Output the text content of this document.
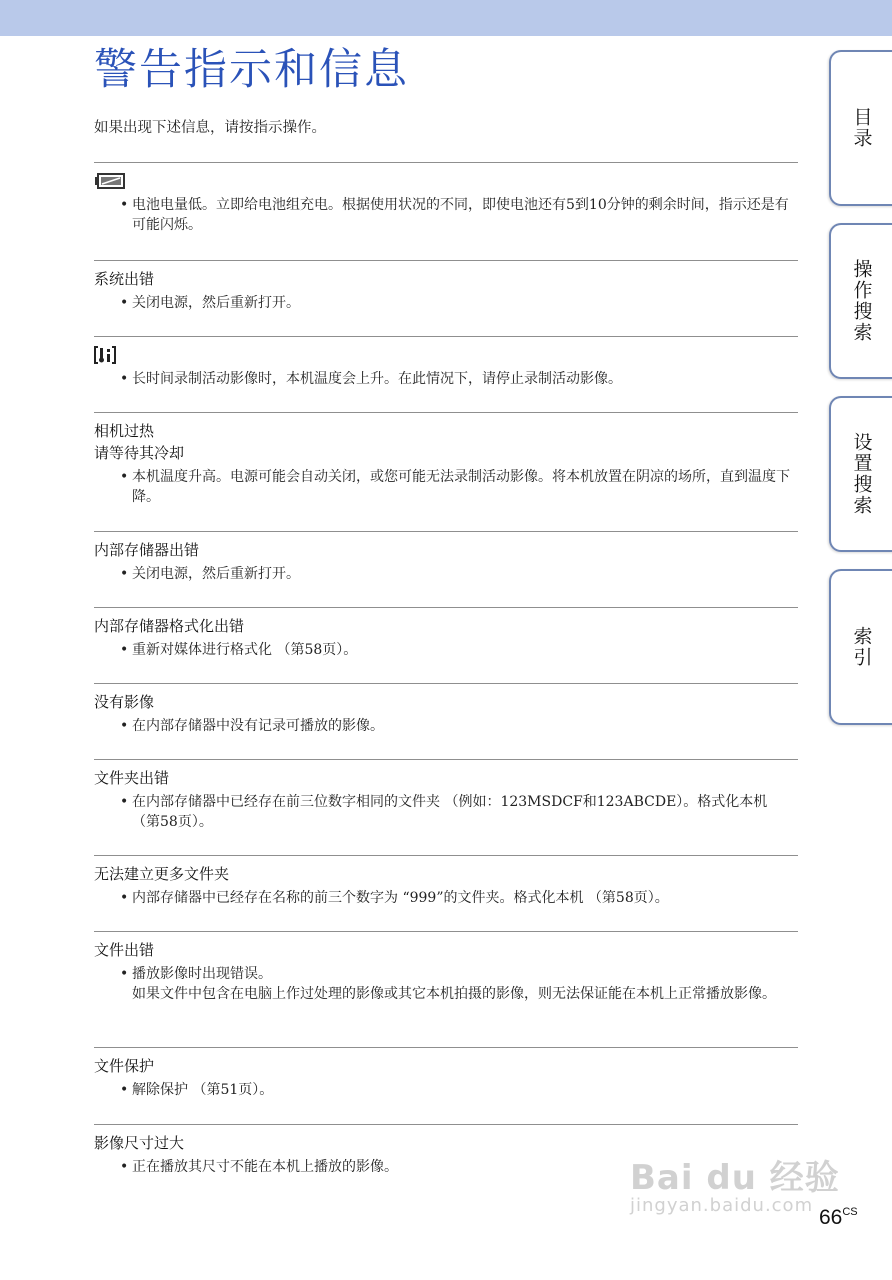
警告指示和信息
如果出现下述信息，请按指示操作。
• 电池电量低。立即给电池组充电。根据使用状况的不同，即使电池还有5到10分钟的剩余时间，指示还是有可能闪烁。
系统出错
• 关闭电源，然后重新打开。
• 长时间录制活动影像时，本机温度会上升。在此情况下，请停止录制活动影像。
相机过热
请等待其冷却
• 本机温度升高。电源可能会自动关闭，或您可能无法录制活动影像。将本机放置在阴凉的场所，直到温度下降。
内部存储器出错
• 关闭电源，然后重新打开。
内部存储器格式化出错
• 重新对媒体进行格式化 （第58页）。
没有影像
• 在内部存储器中没有记录可播放的影像。
文件夹出错
• 在内部存储器中已经存在前三位数字相同的文件夹 （例如：123MSDCF和123ABCDE）。格式化本机 （第58页）。
无法建立更多文件夹
• 内部存储器中已经存在名称的前三个数字为 “999”的文件夹。格式化本机 （第58页）。
文件出错
• 播放影像时出现错误。
如果文件中包含在电脑上作过处理的影像或其它本机拍摄的影像，则无法保证能在本机上正常播放影像。
文件保护
• 解除保护 （第51页）。
影像尺寸过大
• 正在播放其尺寸不能在本机上播放的影像。
目录
操作搜索
设置搜索
索引
Bai du 经验
jingyan.baidu.com
$66^{CS}$
